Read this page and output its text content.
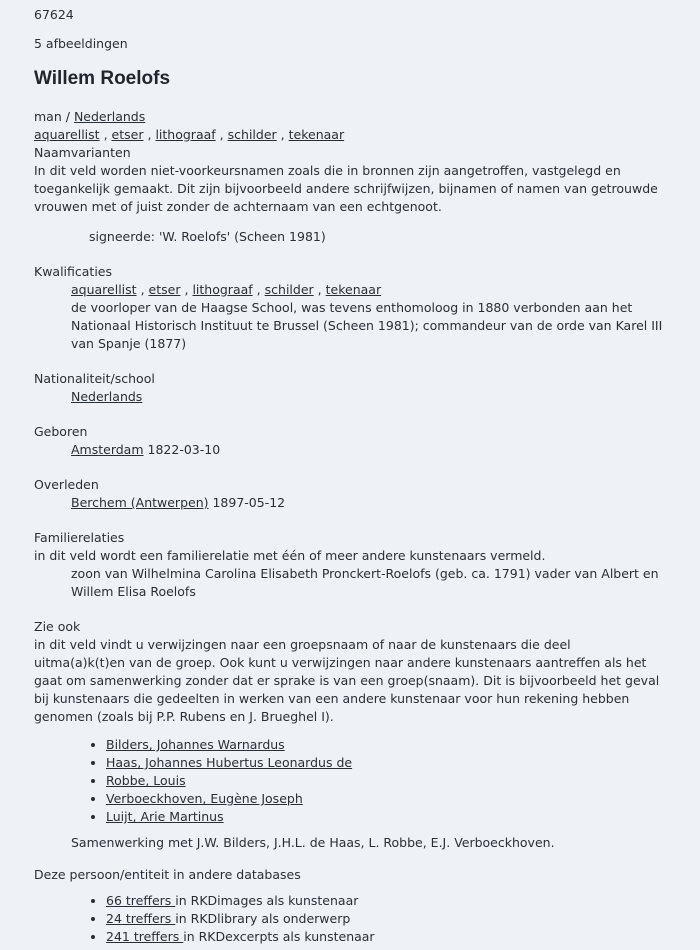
67624
5 afbeeldingen
Willem Roelofs
man / Nederlands
aquarellist , etser , lithograaf , schilder , tekenaar
Naamvarianten
In dit veld worden niet-voorkeursnamen zoals die in bronnen zijn aangetroffen, vastgelegd en toegankelijk gemaakt. Dit zijn bijvoorbeeld andere schrijfwijzen, bijnamen of namen van getrouwde vrouwen met of juist zonder de achternaam van een echtgenoot.
signeerde: 'W. Roelofs' (Scheen 1981)
Kwalificaties
aquarellist , etser , lithograaf , schilder , tekenaar
de voorloper van de Haagse School, was tevens enthomoloog in 1880 verbonden aan het Nationaal Historisch Instituut te Brussel (Scheen 1981); commandeur van de orde van Karel III van Spanje (1877)
Nationaliteit/school
Nederlands
Geboren
Amsterdam 1822-03-10
Overleden
Berchem (Antwerpen) 1897-05-12
Familierelaties
in dit veld wordt een familierelatie met één of meer andere kunstenaars vermeld.
zoon van Wilhelmina Carolina Elisabeth Pronckert-Roelofs (geb. ca. 1791) vader van Albert en Willem Elisa Roelofs
Zie ook
in dit veld vindt u verwijzingen naar een groepsnaam of naar de kunstenaars die deel uitma(a)k(t)en van de groep. Ook kunt u verwijzingen naar andere kunstenaars aantreffen als het gaat om samenwerking zonder dat er sprake is van een groep(snaam). Dit is bijvoorbeeld het geval bij kunstenaars die gedeelten in werken van een andere kunstenaar voor hun rekening hebben genomen (zoals bij P.P. Rubens en J. Brueghel I).
• Bilders, Johannes Warnardus
• Haas, Johannes Hubertus Leonardus de
• Robbe, Louis
• Verboeckhoven, Eugène Joseph
• Luijt, Arie Martinus
Samenwerking met J.W. Bilders, J.H.L. de Haas, L. Robbe, E.J. Verboeckhoven.
Deze persoon/entiteit in andere databases
• 66 treffers in RKDimages als kunstenaar
• 24 treffers in RKDlibrary als onderwerp
• 241 treffers in RKDexcerpts als kunstenaar
